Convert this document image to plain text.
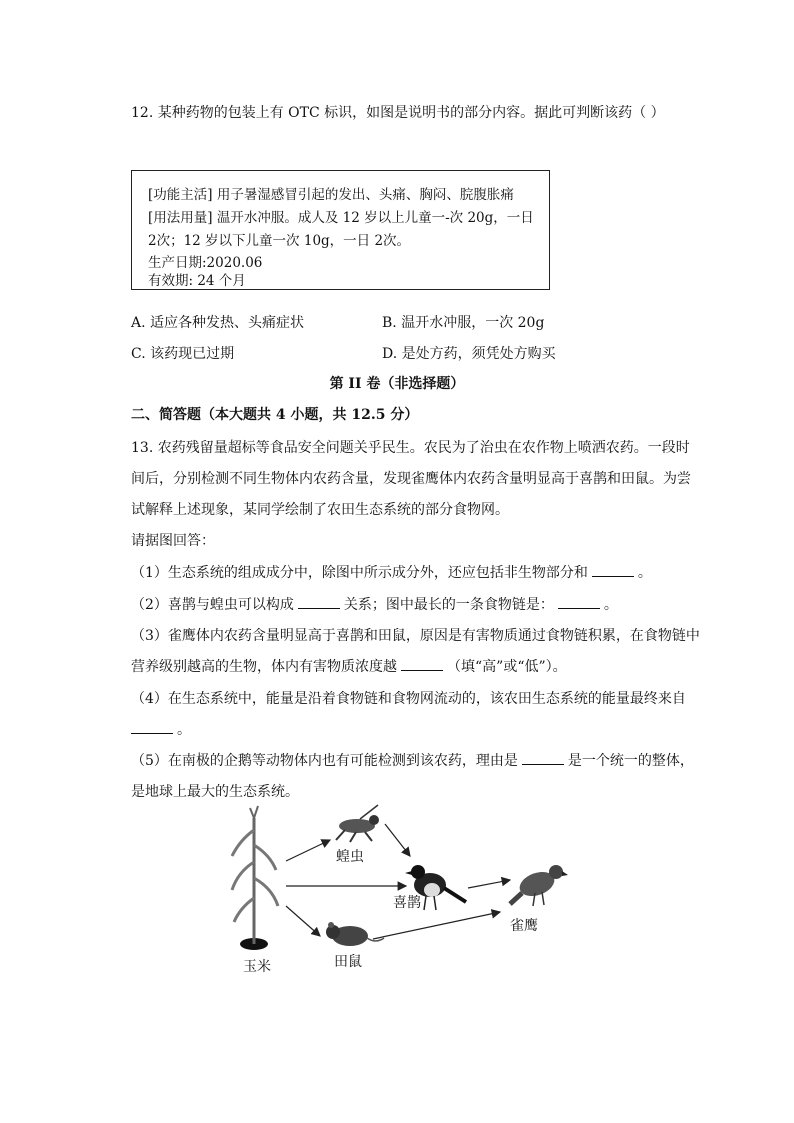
12. 某种药物的包装上有 OTC 标识，如图是说明书的部分内容。据此可判断该药（ ）
[功能主活] 用子暑湿感冒引起的发出、头痛、胸闷、脘腹胀痛
[用法用量] 温开水冲服。成人及 12 岁以上儿童一-次 20g，一日
2次；12 岁以下儿童一次 10g，一日 2次。
生产日期:2020.06
有效期: 24 个月
A. 适应各种发热、头痛症状	B. 温开水冲服，一次 20g
C. 该药现已过期	D. 是处方药，须凭处方购买
第 II 卷（非选择题）
二、简答题（本大题共 4 小题，共 12.5 分）
13. 农药残留量超标等食品安全问题关乎民生。农民为了治虫在农作物上喷洒农药。一段时
间后，分别检测不同生物体内农药含量，发现雀鹰体内农药含量明显高于喜鹊和田鼠。为尝
试解释上述现象，某同学绘制了农田生态系统的部分食物网。
请据图回答：
（1）生态系统的组成成分中，除图中所示成分外，还应包括非生物部分和	。
（2）喜鹊与蝗虫可以构成	关系；图中最长的一条食物链是：	。
（3）雀鹰体内农药含量明显高于喜鹊和田鼠，原因是有害物质通过食物链积累，在食物链中
营养级别越高的生物，体内有害物质浓度越	（填“高”或“低”）。
（4）在生态系统中，能量是沿着食物链和食物网流动的，该农田生态系统的能量最终来自
。
（5）在南极的企鹅等动物体内也有可能检测到该农药，理由是	是一个统一的整体，
是地球上最大的生态系统。
玉米
蝗虫
喜鹊
田鼠
雀鹰
